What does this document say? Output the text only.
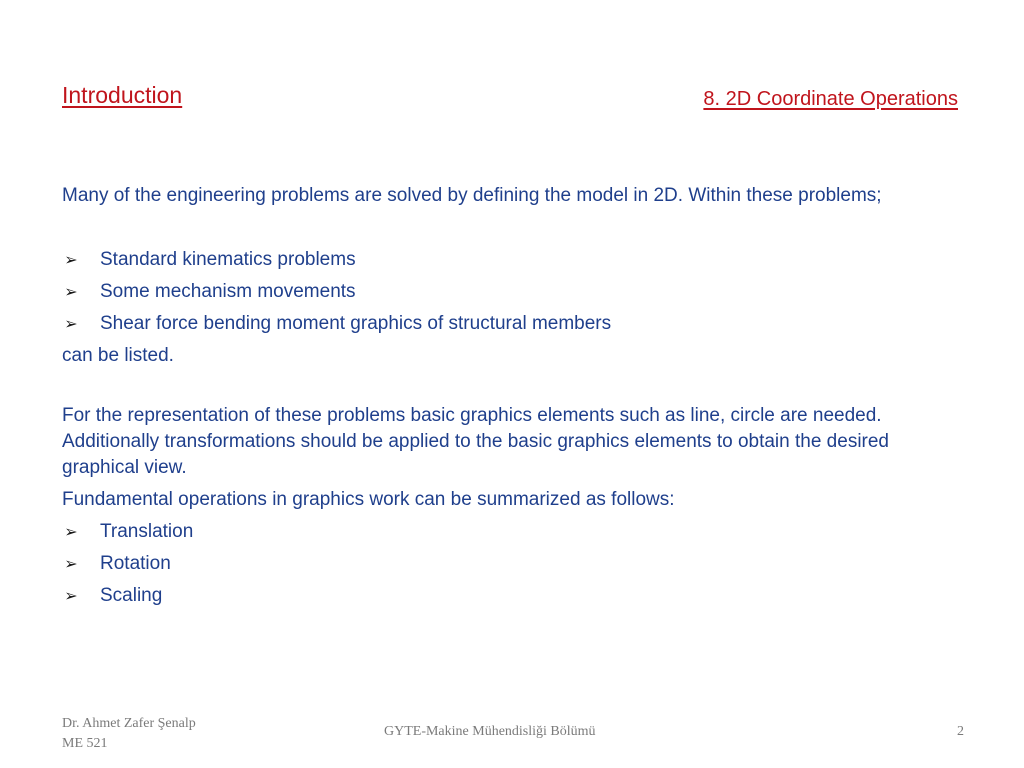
Introduction	8. 2D Coordinate Operations

Many of the engineering problems are solved by defining the model in 2D. Within these problems;

➢ Standard kinematics problems
➢ Some mechanism movements
➢ Shear force bending moment graphics of structural members

can be listed.

For the representation of these problems basic graphics elements such as line, circle are needed. Additionally transformations should be applied to the basic graphics elements to obtain the desired graphical view.

Fundamental operations in graphics work can be summarized as follows:

➢ Translation
➢ Rotation
➢ Scaling
Dr. Ahmet Zafer Şenalp
ME 521
GYTE-Makine Mühendisliği Bölümü	2
